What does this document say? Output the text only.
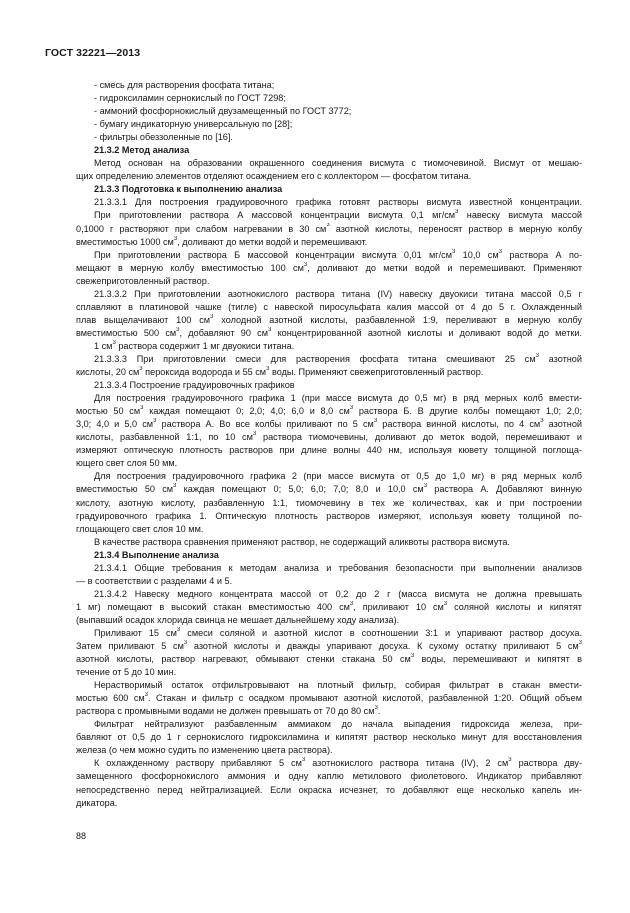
ГОСТ 32221—2013
- смесь для растворения фосфата титана;
- гидроксиламин сернокислый по ГОСТ 7298;
- аммоний фосфорнокислый двузамещенный по ГОСТ 3772;
- бумагу индикаторную универсальную по [28];
- фильтры обеззоленные по [16].
21.3.2 Метод анализа
Метод основан на образовании окрашенного соединения висмута с тиомочевиной. Висмут от мешаю-
щих определению элементов отделяют осаждением его с коллектором — фосфатом титана.
21.3.3 Подготовка к выполнению анализа
21.3.3.1 Для построения градуировочного графика готовят растворы висмута известной концентрации.
При приготовлении раствора А массовой концентрации висмута 0,1 $мг/см^3$ навеску висмута массой
0,1000 г растворяют при слабом нагревании в 30 $см^3$ азотной кислоты, переносят раствор в мерную колбу
вместимостью 1000 $см^3$, доливают до метки водой и перемешивают.
При приготовлении раствора Б массовой концентрации висмута 0,01 $мг/см^3$ 10,0 $см^3$ раствора А по-
мещают в мерную колбу вместимостью 100 $см^3$, доливают до метки водой и перемешивают. Применяют
свежеприготовленный раствор.
21.3.3.2 При приготовлении азотнокислого раствора титана (IV) навеску двуокиси титана массой 0,5 г
сплавляют в платиновой чашке (тигле) с навеской пиросульфата калия массой от 4 до 5 г. Охлажденный
плав выщелачивают 100 $см^3$ холодной азотной кислоты, разбавленной 1:9, переливают в мерную колбу
вместимостью 500 $см^3$, добавляют 90 $см^3$ концентрированной азотной кислоты и доливают водой до метки.
1 $см^3$ раствора содержит 1 мг двуокиси титана.
21.3.3.3 При приготовлении смеси для растворения фосфата титана смешивают 25 $см^3$ азотной
кислоты, 20 $см^3$ пероксида водорода и 55 $см^3$ воды. Применяют свежеприготовленный раствор.
21.3.3.4 Построение градуировочных графиков
Для построения градуировочного графика 1 (при массе висмута до 0,5 мг) в ряд мерных колб вмести-
мостью 50 $см^3$ каждая помещают 0; 2,0; 4,0; 6,0 и 8,0 $см^3$ раствора Б. В другие колбы помещают 1,0; 2,0;
3,0; 4,0 и 5,0 $см^3$ раствора А. Во все колбы приливают по 5 $см^3$ раствора винной кислоты, по 4 $см^3$ азотной
кислоты, разбавленной 1:1, по 10 $см^3$ раствора тиомочевины, доливают до меток водой, перемешивают и
измеряют оптическую плотность растворов при длине волны 440 нм, используя кювету толщиной поглоща-
ющего свет слоя 50 мм.
Для построения градуировочного графика 2 (при массе висмута от 0,5 до 1,0 мг) в ряд мерных колб
вместимостью 50 $см^3$ каждая помещают 0; 5,0; 6,0; 7,0; 8,0 и 10,0 $см^3$ раствора А. Добавляют винную
кислоту, азотную кислоту, разбавленную 1:1, тиомочевину в тех же количествах, как и при построении
градуировочного графика 1. Оптическую плотность растворов измеряют, используя кювету толщиной по-
глощающего свет слоя 10 мм.
В качестве раствора сравнения применяют раствор, не содержащий аликвоты раствора висмута.
21.3.4 Выполнение анализа
21.3.4.1 Общие требования к методам анализа и требования безопасности при выполнении анализов
— в соответствии с разделами 4 и 5.
21.3.4.2 Навеску медного концентрата массой от 0,2 до 2 г (масса висмута не должна превышать
1 мг) помещают в высокий стакан вместимостью 400 $см^3$, приливают 10 $см^3$ соляной кислоты и кипятят
(выпавший осадок хлорида свинца не мешает дальнейшему ходу анализа).
Приливают 15 $см^3$ смеси соляной и азотной кислот в соотношении 3:1 и упаривают раствор досуха.
Затем приливают 5 $см^3$ азотной кислоты и дважды упаривают досуха. К сухому остатку приливают 5 $см^3$
азотной кислоты, раствор нагревают, обмывают стенки стакана 50 $см^3$ воды, перемешивают и кипятят в
течение от 5 до 10 мин.
Нерастворимый остаток отфильтровывают на плотный фильтр, собирая фильтрат в стакан вмести-
мостью 600 $см^3$. Стакан и фильтр с осадком промывают азотной кислотой, разбавленной 1:20. Общий объем
раствора с промывными водами не должен превышать от 70 до 80 $см^3$.
Фильтрат нейтрализуют разбавленным аммиаком до начала выпадения гидроксида железа, при-
бавляют от 0,5 до 1 г сернокислого гидроксиламина и кипятят раствор несколько минут для восстановления
железа (о чем можно судить по изменению цвета раствора).
К охлажденному раствору прибавляют 5 $см^3$ азотнокислого раствора титана (IV), 2 $см^3$ раствора дву-
замещенного фосфорнокислого аммония и одну каплю метилового фиолетового. Индикатор прибавляют
непосредственно перед нейтрализацией. Если окраска исчезнет, то добавляют еще несколько капель ин-
дикатора.
88
